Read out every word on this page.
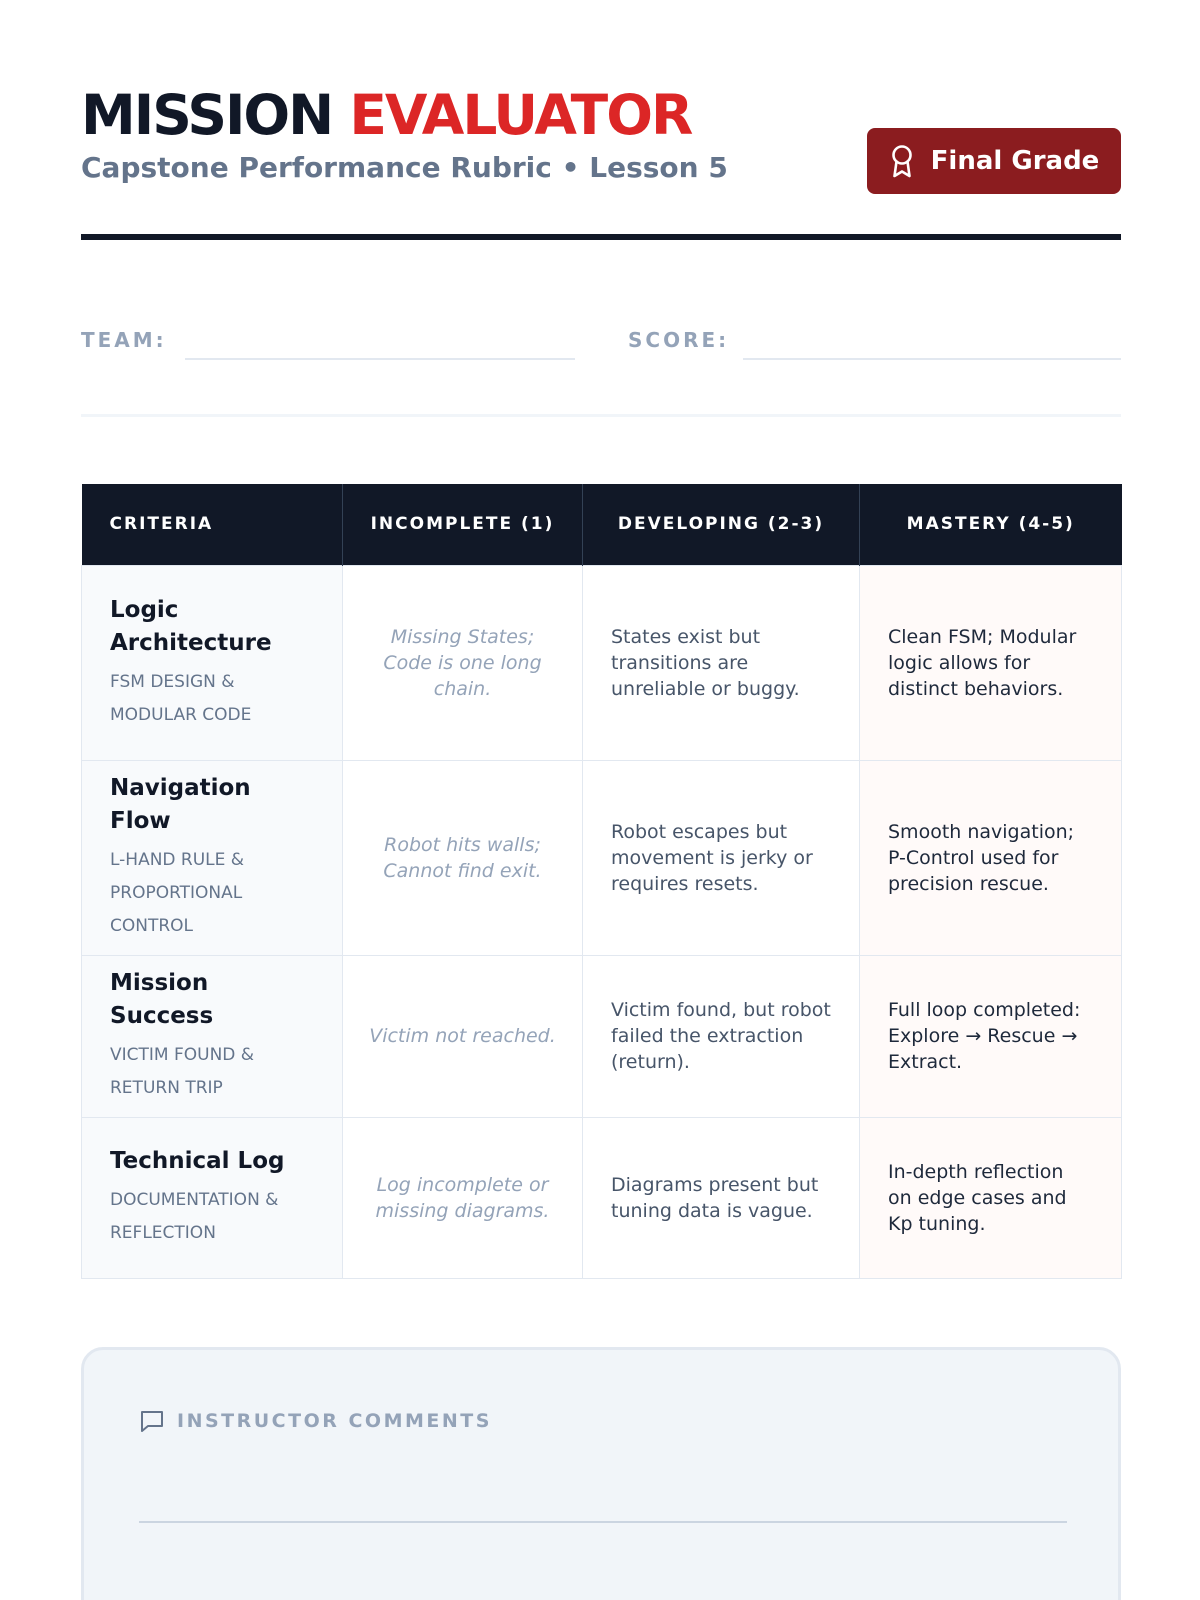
MISSION EVALUATOR
Capstone Performance Rubric • Lesson 5	Final Grade
TEAM:	SCORE:
CRITERIA	INCOMPLETE (1)	DEVELOPING (2-3)	MASTERY (4-5)

Logic Architecture
FSM DESIGN & MODULAR CODE	Missing States; Code is one long chain.	States exist but transitions are unreliable or buggy.	Clean FSM; Modular logic allows for distinct behaviors.

Navigation Flow
L-HAND RULE & PROPORTIONAL CONTROL	Robot hits walls; Cannot find exit.	Robot escapes but movement is jerky or requires resets.	Smooth navigation; P-Control used for precision rescue.

Mission Success
VICTIM FOUND & RETURN TRIP	Victim not reached.	Victim found, but robot failed the extraction (return).	Full loop completed: Explore → Rescue → Extract.

Technical Log
DOCUMENTATION & REFLECTION	Log incomplete or missing diagrams.	Diagrams present but tuning data is vague.	In-depth reflection on edge cases and Kp tuning.
INSTRUCTOR COMMENTS
